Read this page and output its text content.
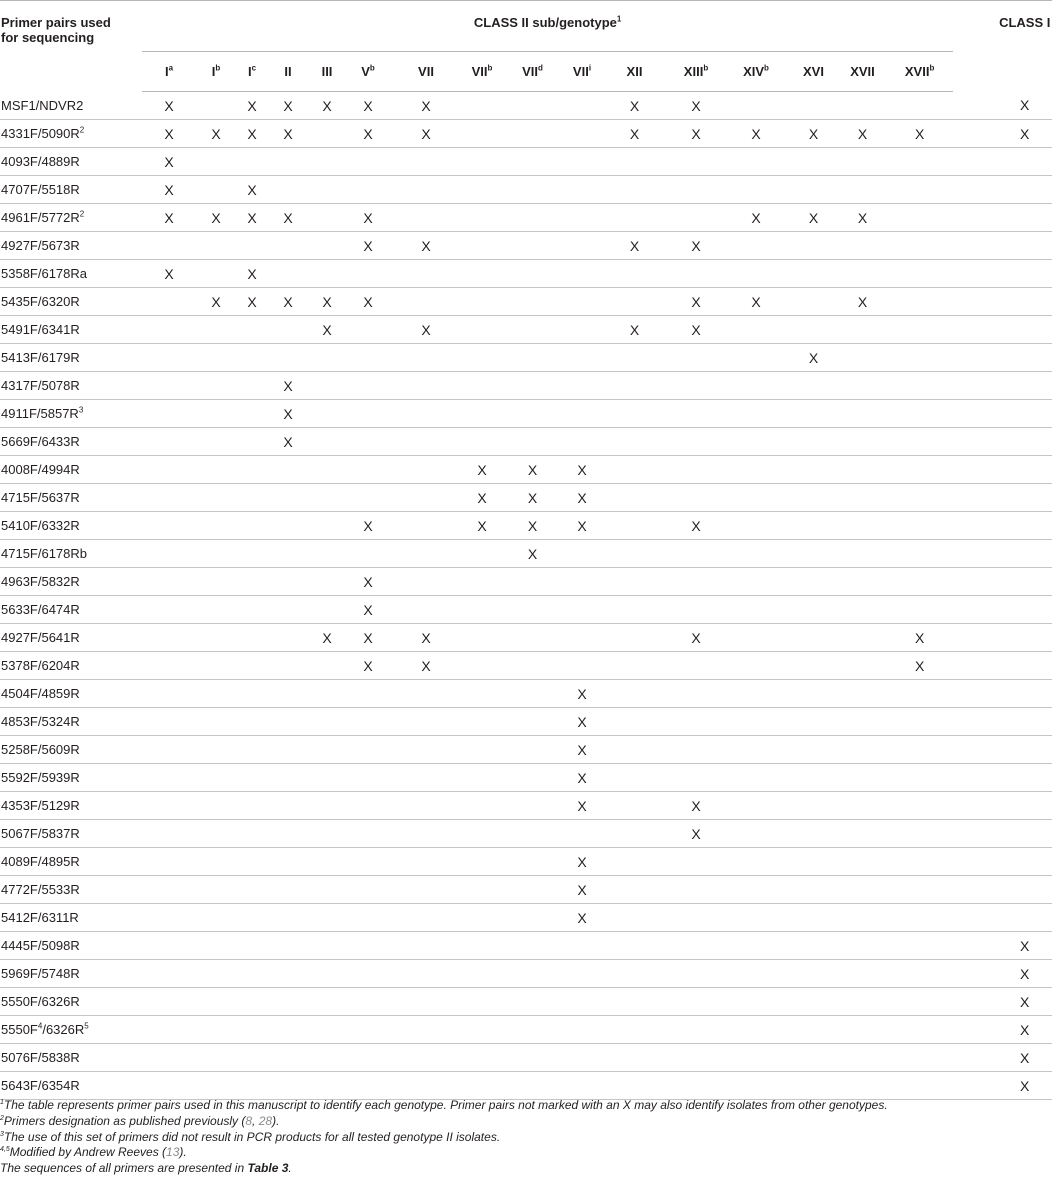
Primer pairs used
for sequencing	CLASS II sub/genotype$^1$																CLASS I
	$I^a$	$I^b$	$I^c$	II	III	$V^b$	VII	VII$^b$	VII$^d$	VII$^i$	XII	XIII$^b$	XIV$^b$	XVI	XVII	XVII$^b$
MSF1/NDVR2	X		X	X	X	X	X				X	X					X
$4331F/5090R^2$	X	X	X	X		X	X				X	X	X	X	X	X	X
4093F/4889R	X																
4707F/5518R	X		X														
$4961F/5772R^2$	X	X	X	X		X							X	X	X		
4927F/5673R						X	X				X	X					
5358F/6178Ra	X		X														
5435F/6320R		X	X	X	X	X						X	X		X		
5491F/6341R					X		X				X	X					
5413F/6179R														X			
4317F/5078R				X													
$4911F/5857R^3$				X													
5669F/6433R				X													
4008F/4994R								X	X	X							
4715F/5637R								X	X	X							
5410F/6332R						X		X	X	X		X					
4715F/6178Rb									X								
4963F/5832R						X											
5633F/6474R						X											
4927F/5641R					X	X	X					X				X	
5378F/6204R						X	X									X	
4504F/4859R										X							
4853F/5324R										X							
5258F/5609R										X							
5592F/5939R										X							
4353F/5129R										X		X					
5067F/5837R												X					
4089F/4895R										X							
4772F/5533R										X							
5412F/6311R										X							
4445F/5098R																	X
5969F/5748R																	X
5550F/6326R																	X
$5550F^4/6326R^5$																	X
5076F/5838R																	X
5643F/6354R																	X
$^1$The table represents primer pairs used in this manuscript to identify each genotype. Primer pairs not marked with an X may also identify isolates from other genotypes.
$^2$Primers designation as published previously (8, 28).
$^3$The use of this set of primers did not result in PCR products for all tested genotype II isolates.
$^{4,5}$Modified by Andrew Reeves (13).
The sequences of all primers are presented in Table 3.
